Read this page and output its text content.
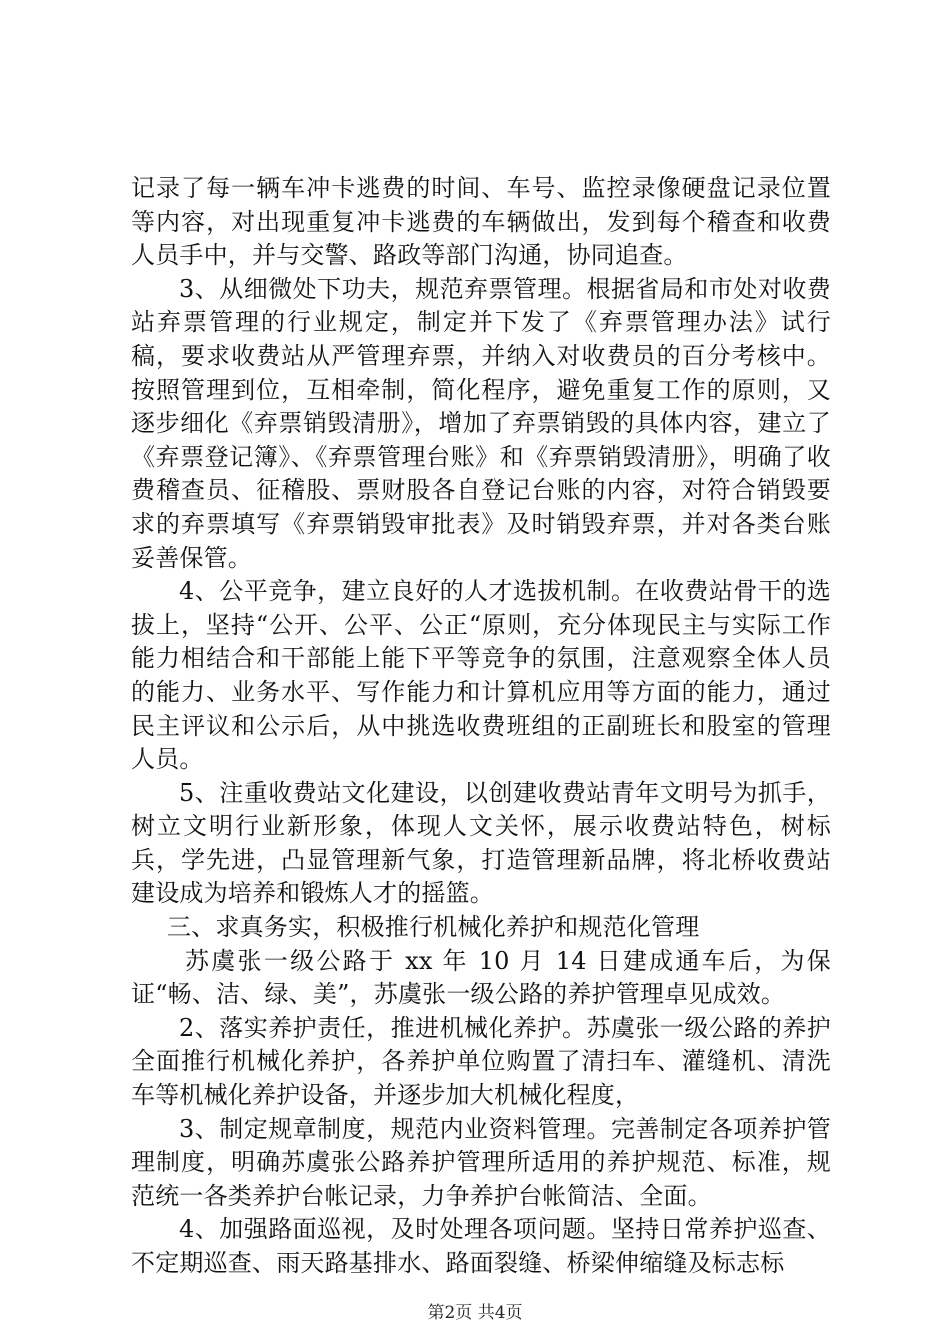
记录了每一辆车冲卡逃费的时间、车号、监控录像硬盘记录位置等内容，对出现重复冲卡逃费的车辆做出，发到每个稽查和收费人员手中，并与交警、路政等部门沟通，协同追查。

3、从细微处下功夫，规范弃票管理。根据省局和市处对收费站弃票管理的行业规定，制定并下发了《弃票管理办法》试行稿，要求收费站从严管理弃票，并纳入对收费员的百分考核中。按照管理到位，互相牵制，简化程序，避免重复工作的原则，又逐步细化《弃票销毁清册》，增加了弃票销毁的具体内容，建立了《弃票登记簿》、《弃票管理台账》和《弃票销毁清册》，明确了收费稽查员、征稽股、票财股各自登记台账的内容，对符合销毁要求的弃票填写《弃票销毁审批表》及时销毁弃票，并对各类台账妥善保管。

4、公平竞争，建立良好的人才选拔机制。在收费站骨干的选拔上，坚持“公开、公平、公正“原则，充分体现民主与实际工作能力相结合和干部能上能下平等竞争的氛围，注意观察全体人员的能力、业务水平、写作能力和计算机应用等方面的能力，通过民主评议和公示后，从中挑选收费班组的正副班长和股室的管理人员。

5、注重收费站文化建设，以创建收费站青年文明号为抓手，树立文明行业新形象，体现人文关怀，展示收费站特色，树标兵，学先进，凸显管理新气象，打造管理新品牌，将北桥收费站建设成为培养和锻炼人才的摇篮。

三、求真务实，积极推行机械化养护和规范化管理

苏虞张一级公路于 xx 年 10 月 14 日建成通车后，为保证“畅、洁、绿、美”，苏虞张一级公路的养护管理卓见成效。

2、落实养护责任，推进机械化养护。苏虞张一级公路的养护全面推行机械化养护，各养护单位购置了清扫车、灌缝机、清洗车等机械化养护设备，并逐步加大机械化程度，

3、制定规章制度，规范内业资料管理。完善制定各项养护管理制度，明确苏虞张公路养护管理所适用的养护规范、标准，规范统一各类养护台帐记录，力争养护台帐简洁、全面。

4、加强路面巡视，及时处理各项问题。坚持日常养护巡查、不定期巡查、雨天路基排水、路面裂缝、桥梁伸缩缝及标志标

第2页 共4页
